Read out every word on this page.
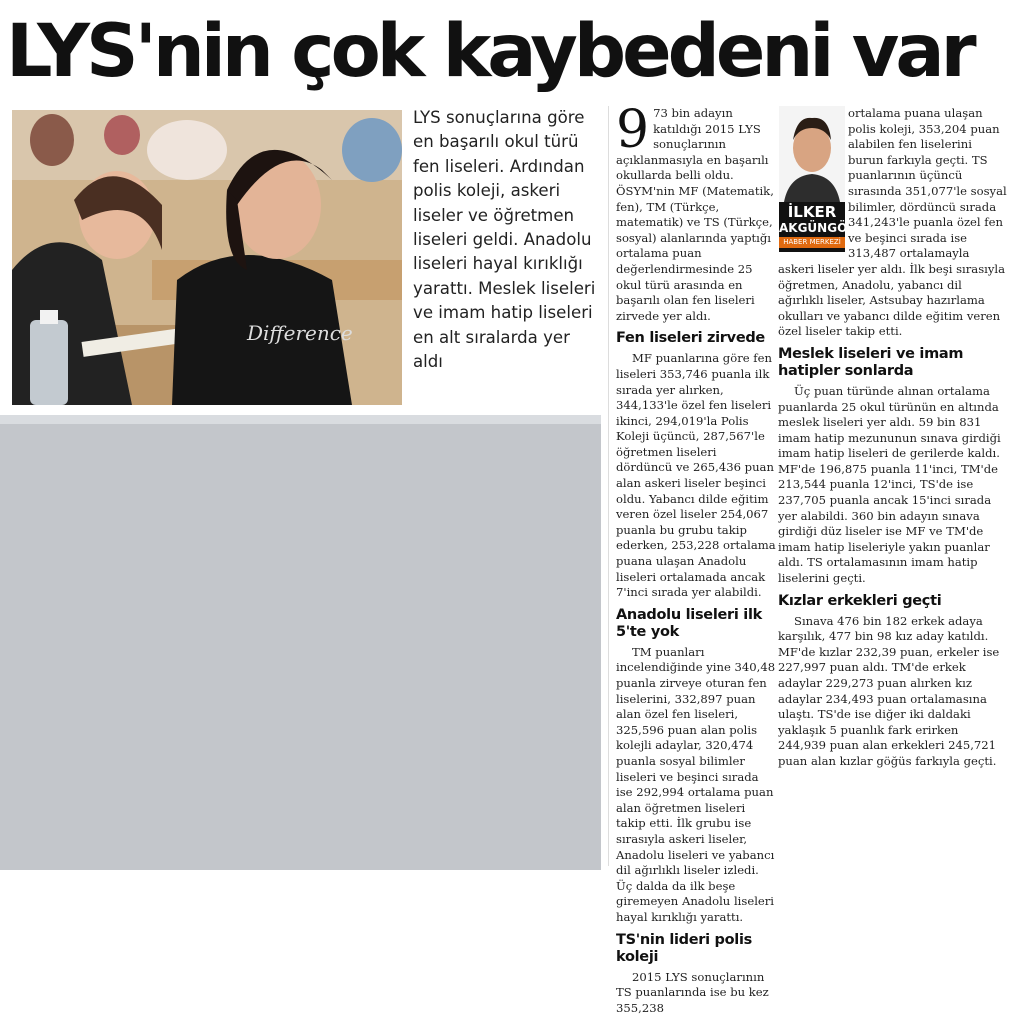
LYS'nin çok kaybedeni var
Difference
LYS sonuçlarına göre en başarılı okul türü fen liseleri. Ardından polis koleji, askeri liseler ve öğretmen liseleri geldi. Anadolu liseleri hayal kırıklığı yarattı. Meslek liseleri ve imam hatip liseleri en alt sıralarda yer aldı

9 73 bin adayın katıldığı 2015 LYS sonuçlarının açıklanmasıyla en başarılı okullarda belli oldu. ÖSYM'nin MF (Matematik, fen), TM (Türkçe, matematik) ve TS (Türkçe, sosyal) alanlarında yaptığı ortalama puan değerlendirmesinde 25 okul türü arasında en başarılı olan fen liseleri zirvede yer aldı.

Fen liseleri zirvede

MF puanlarına göre fen liseleri 353,746 puanla ilk sırada yer alırken, 344,133'le özel fen liseleri ikinci, 294,019'la Polis Koleji üçüncü, 287,567'le öğretmen liseleri dördüncü ve 265,436 puan alan askeri liseler beşinci oldu. Yabancı dilde eğitim veren özel liseler 254,067 puanla bu grubu takip ederken, 253,228 ortalama puana ulaşan Anadolu liseleri ortalamada ancak 7'inci sırada yer alabildi.

Anadolu liseleri ilk 5'te yok

TM puanları incelendiğinde yine 340,48 puanla zirveye oturan fen liselerini, 332,897 puan alan özel fen liseleri, 325,596 puan alan polis kolejli adaylar, 320,474 puanla sosyal bilimler liseleri ve beşinci sırada ise 292,994 ortalama puan alan öğretmen liseleri takip etti. İlk grubu ise sırasıyla askeri liseler, Anadolu liseleri ve yabancı dil ağırlıklı liseler izledi. Üç dalda da ilk beşe giremeyen Anadolu liseleri hayal kırıklığı yarattı.

TS'nin lideri polis koleji

2015 LYS sonuçlarının TS puanlarında ise bu kez 355,238

İLKER
AKGÜNGÖR
HABER MERKEZİ

ortalama puana ulaşan polis koleji, 353,204 puan alabilen fen liselerini burun farkıyla geçti. TS puanlarının üçüncü sırasında 351,077'le sosyal bilimler, dördüncü sırada 341,243'le puanla özel fen ve beşinci sırada ise 313,487 ortalamayla askeri liseler yer aldı. İlk beşi sırasıyla öğretmen, Anadolu, yabancı dil ağırlıklı liseler, Astsubay hazırlama okulları ve yabancı dilde eğitim veren özel liseler takip etti.

Meslek liseleri ve imam hatipler sonlarda

Üç puan türünde alınan ortalama puanlarda 25 okul türünün en altında meslek liseleri yer aldı. 59 bin 831 imam hatip mezununun sınava girdiği imam hatip liseleri de gerilerde kaldı. MF'de 196,875 puanla 11'inci, TM'de 213,544 puanla 12'inci, TS'de ise 237,705 puanla ancak 15'inci sırada yer alabildi. 360 bin adayın sınava girdiği düz liseler ise MF ve TM'de imam hatip liseleriyle yakın puanlar aldı. TS ortalamasının imam hatip liselerini geçti.

Kızlar erkekleri geçti

Sınava 476 bin 182 erkek adaya karşılık, 477 bin 98 kız aday katıldı. MF'de kızlar 232,39 puan, erkeler ise 227,997 puan aldı. TM'de erkek adaylar 229,273 puan alırken kız adaylar 234,493 puan ortalamasına ulaştı. TS'de ise diğer iki daldaki yaklaşık 5 puanlık fark erirken 244,939 puan alan erkekleri 245,721 puan alan kızlar göğüs farkıyla geçti.
